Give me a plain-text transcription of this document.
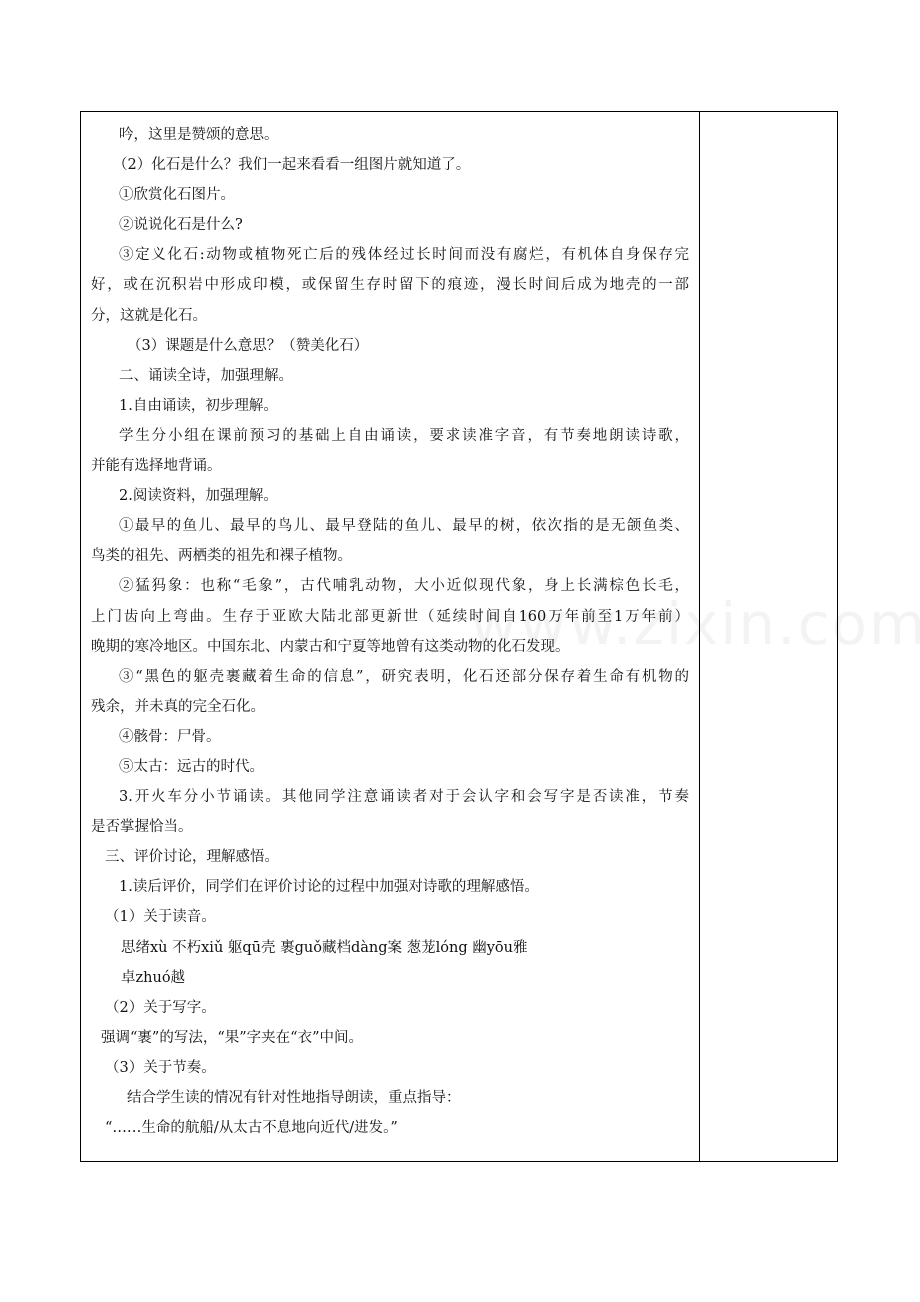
吟，这里是赞颂的意思。
（2）化石是什么？我们一起来看看一组图片就知道了。
①欣赏化石图片。
②说说化石是什么?
③定义化石:动物或植物死亡后的残体经过长时间而没有腐烂，有机体自身保存完
好，或在沉积岩中形成印模，或保留生存时留下的痕迹，漫长时间后成为地壳的一部
分，这就是化石。
（3）课题是什么意思？（赞美化石）
二、诵读全诗，加强理解。
1.自由诵读，初步理解。
学生分小组在课前预习的基础上自由诵读，要求读准字音，有节奏地朗读诗歌，
并能有选择地背诵。
2.阅读资料，加强理解。
①最早的鱼儿、最早的鸟儿、最早登陆的鱼儿、最早的树，依次指的是无颌鱼类、
鸟类的祖先、两栖类的祖先和裸子植物。
②猛犸象：也称“毛象”，古代哺乳动物，大小近似现代象，身上长满棕色长毛，
上门齿向上弯曲。生存于亚欧大陆北部更新世（延续时间自160万年前至1万年前）
晚期的寒冷地区。中国东北、内蒙古和宁夏等地曾有这类动物的化石发现。
③“黑色的躯壳裹藏着生命的信息”，研究表明，化石还部分保存着生命有机物的
残余，并未真的完全石化。
④骸骨：尸骨。
⑤太古：远古的时代。
3.开火车分小节诵读。其他同学注意诵读者对于会认字和会写字是否读准，节奏
是否掌握恰当。
三、评价讨论，理解感悟。
1.读后评价，同学们在评价讨论的过程中加强对诗歌的理解感悟。
（1）关于读音。
思绪xù 不朽xiǔ 躯qū壳 裹guǒ藏档dàng案 葱茏lóng 幽yōu雅
卓zhuó越
（2）关于写字。
强调“裹”的写法，“果”字夹在“衣”中间。
（3）关于节奏。
结合学生读的情况有针对性地指导朗读，重点指导：
“……生命的航船/从太古不息地向近代/进发。”
